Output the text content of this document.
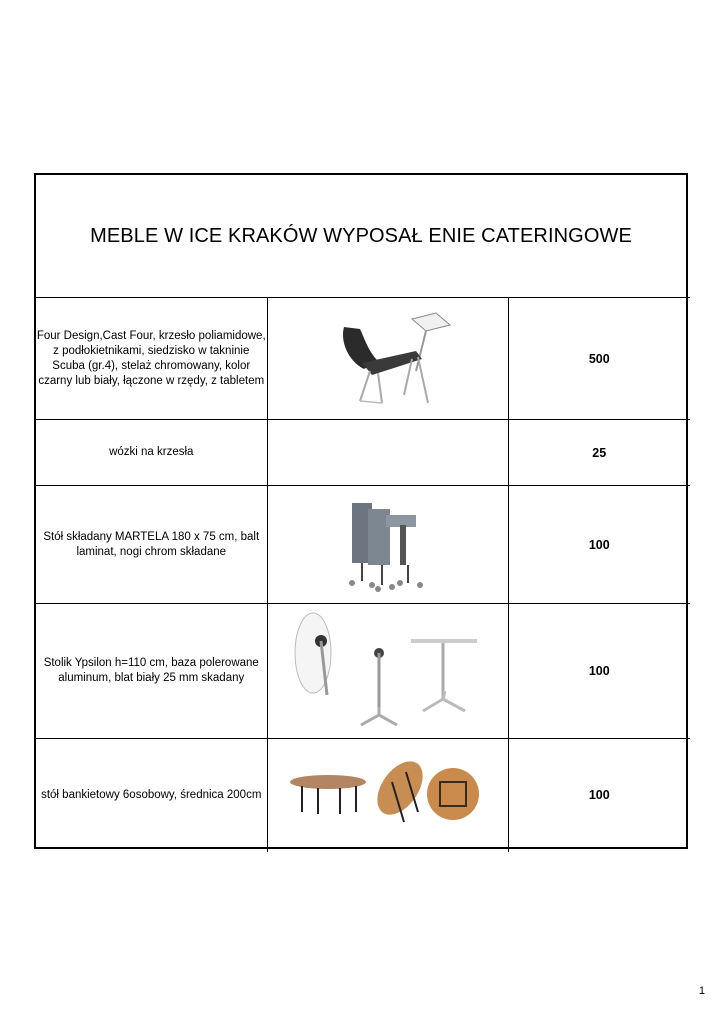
MEBLE W ICE KRAKÓW WYPOSAŁ ENIE CATERINGOWE
Four Design,Cast Four, krzesło poliamidowe, z podłokietnikami, siedzisko w takninie Scuba (gr.4), stelaż chromowany, kolor czarny lub biały, łączone w rzędy, z tabletem		500
wózki na krzesła		25
Stół składany MARTELA 180 x 75 cm, balt laminat, nogi chrom składane		100
Stolik Ypsilon h=110 cm, baza polerowane aluminum, blat biały 25 mm skadany		100
stół bankietowy 6osobowy, średnica 200cm		100
1
